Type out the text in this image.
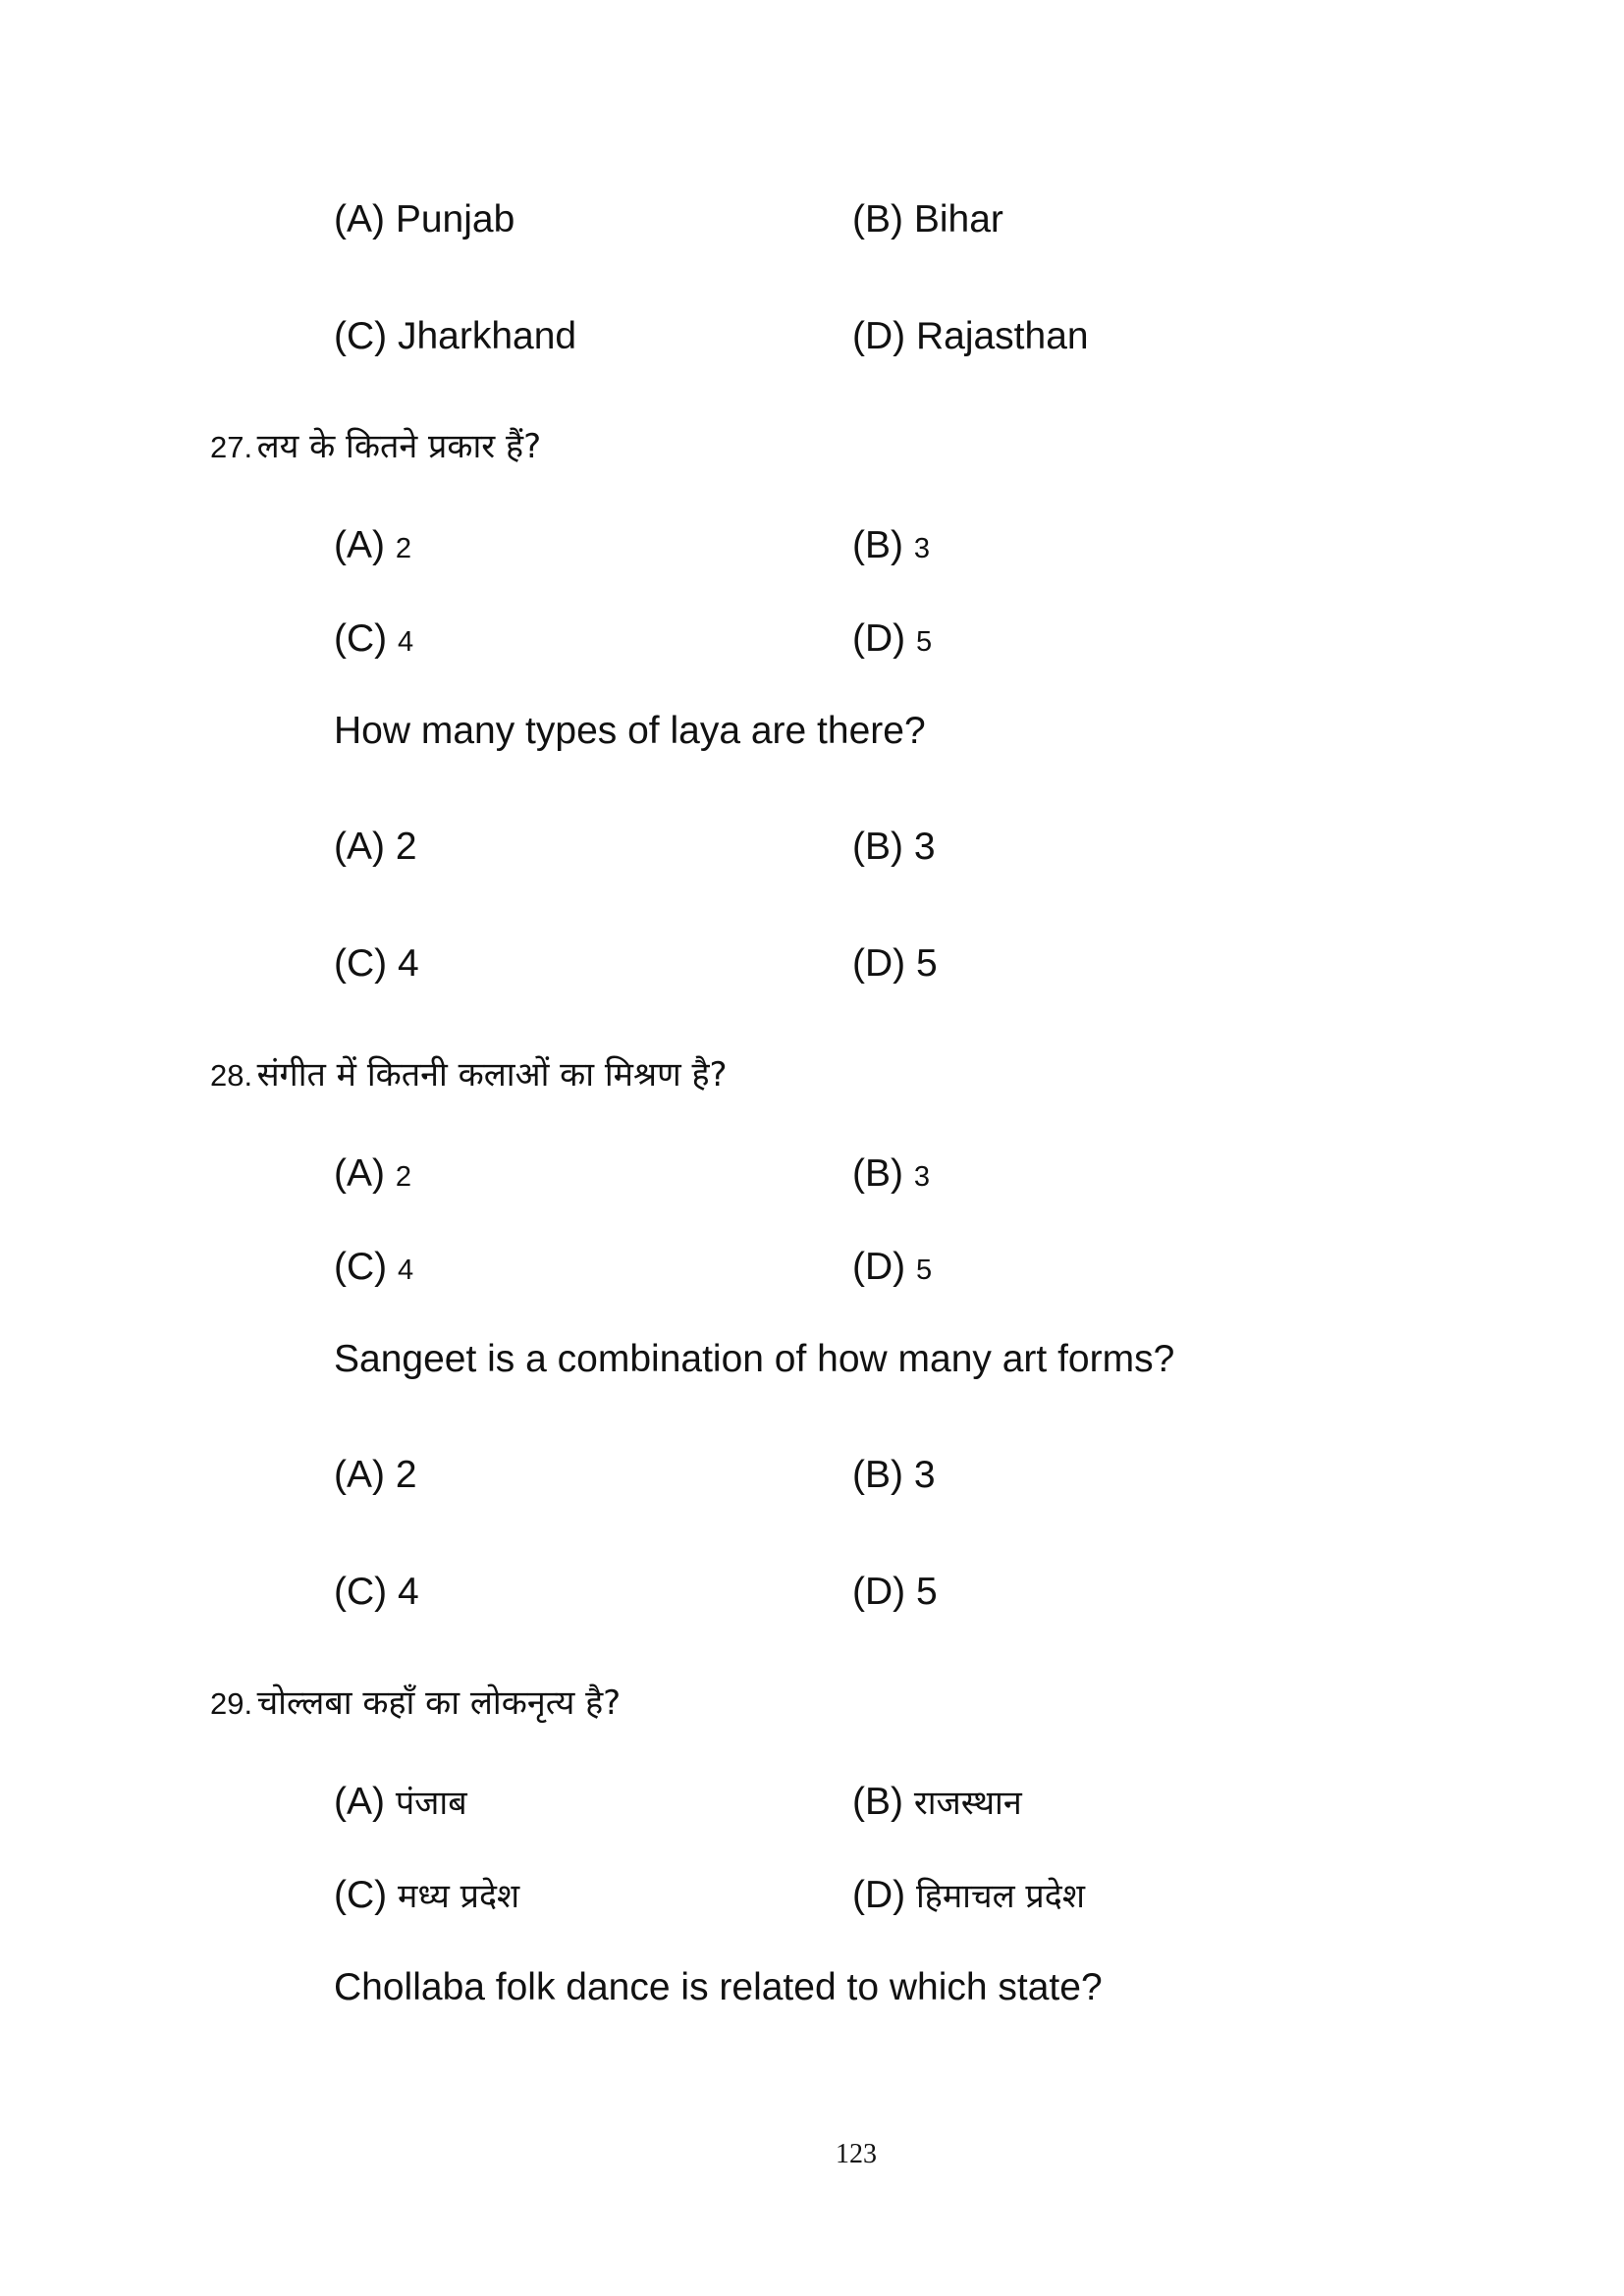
(A) Punjab	(B) Bihar
(C) Jharkhand	(D) Rajasthan
27. लय के कितने प्रकार हैं?
(A) 2	(B) 3
(C) 4	(D) 5
How many types of laya are there?
(A) 2	(B) 3
(C) 4	(D) 5
28. संगीत में कितनी कलाओं का मिश्रण है?
(A) 2	(B) 3
(C) 4	(D) 5
Sangeet is a combination of how many art forms?
(A) 2	(B) 3
(C) 4	(D) 5
29. चोल्लबा कहाँ का लोकनृत्य है?
(A) पंजाब	(B) राजस्थान
(C) मध्य प्रदेश	(D) हिमाचल प्रदेश
Chollaba folk dance is related to which state?
123
